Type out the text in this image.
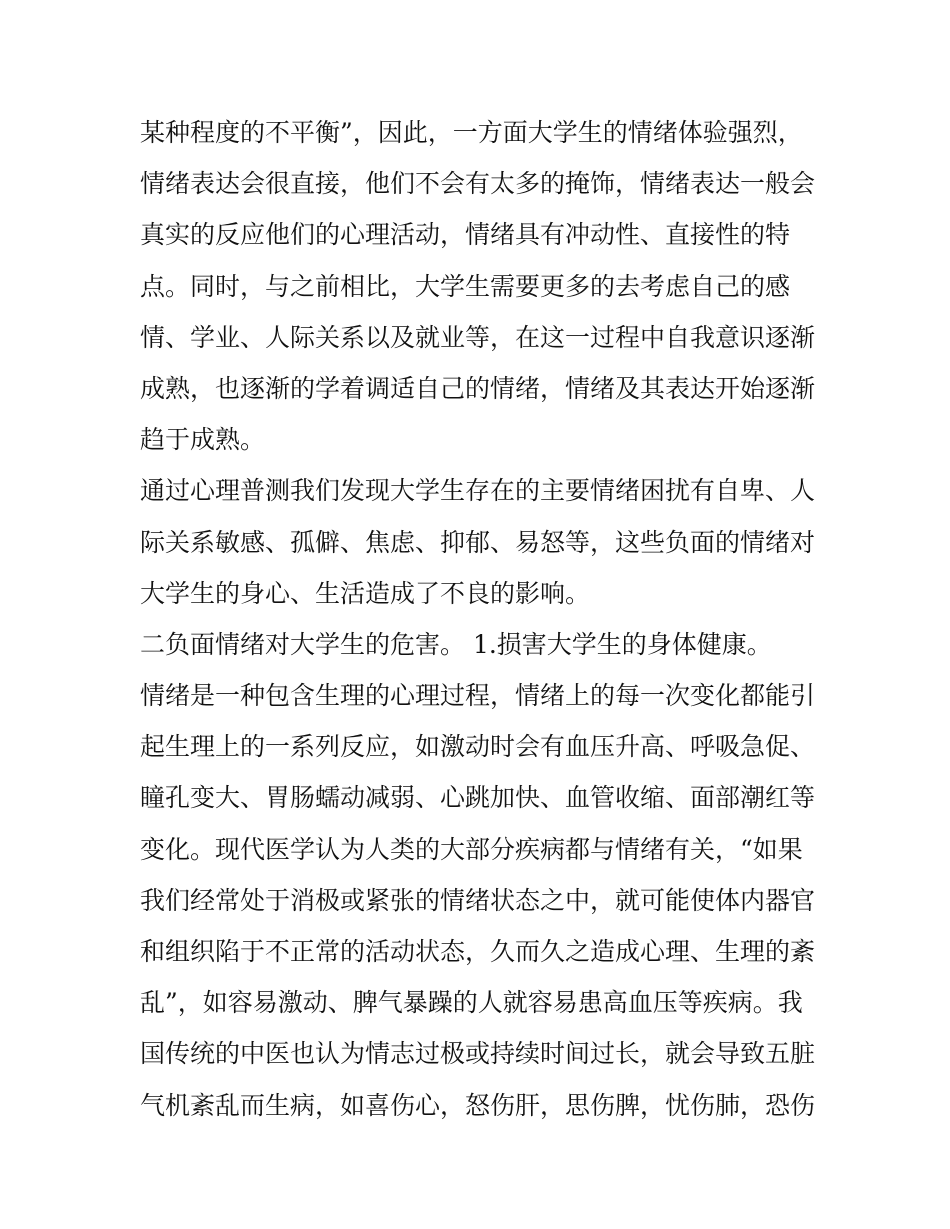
某种程度的不平衡”，因此，一方面大学生的情绪体验强烈，
情绪表达会很直接，他们不会有太多的掩饰，情绪表达一般会
真实的反应他们的心理活动，情绪具有冲动性、直接性的特
点。同时，与之前相比，大学生需要更多的去考虑自己的感
情、学业、人际关系以及就业等，在这一过程中自我意识逐渐
成熟，也逐渐的学着调适自己的情绪，情绪及其表达开始逐渐
趋于成熟。
通过心理普测我们发现大学生存在的主要情绪困扰有自卑、人
际关系敏感、孤僻、焦虑、抑郁、易怒等，这些负面的情绪对
大学生的身心、生活造成了不良的影响。
二负面情绪对大学生的危害。 1.损害大学生的身体健康。
情绪是一种包含生理的心理过程，情绪上的每一次变化都能引
起生理上的一系列反应，如激动时会有血压升高、呼吸急促、
瞳孔变大、胃肠蠕动减弱、心跳加快、血管收缩、面部潮红等
变化。现代医学认为人类的大部分疾病都与情绪有关，“如果
我们经常处于消极或紧张的情绪状态之中，就可能使体内器官
和组织陷于不正常的活动状态，久而久之造成心理、生理的紊
乱”，如容易激动、脾气暴躁的人就容易患高血压等疾病。我
国传统的中医也认为情志过极或持续时间过长，就会导致五脏
气机紊乱而生病，如喜伤心，怒伤肝，思伤脾，忧伤肺，恐伤
